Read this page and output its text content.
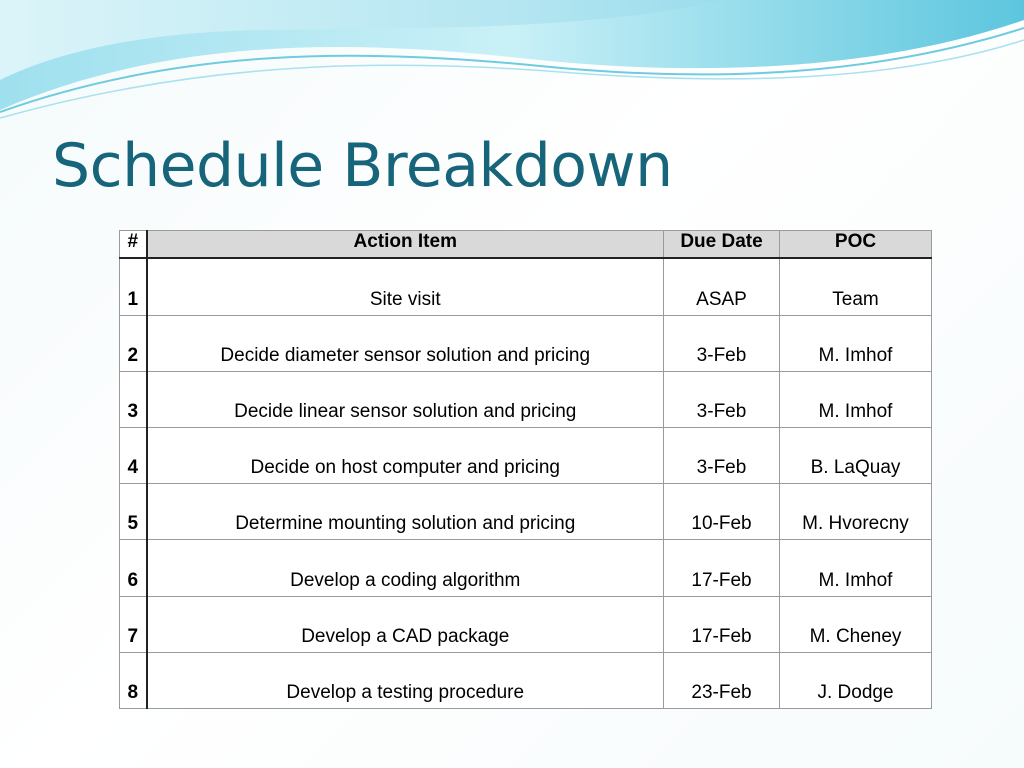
Schedule Breakdown
#	Action Item	Due Date	POC
1	Site visit	ASAP	Team
2	Decide diameter sensor solution and pricing	3-Feb	M. Imhof
3	Decide linear sensor solution and pricing	3-Feb	M. Imhof
4	Decide on host computer and pricing	3-Feb	B. LaQuay
5	Determine mounting solution and pricing	10-Feb	M. Hvorecny
6	Develop a coding algorithm	17-Feb	M. Imhof
7	Develop a CAD package	17-Feb	M. Cheney
8	Develop a testing procedure	23-Feb	J. Dodge
